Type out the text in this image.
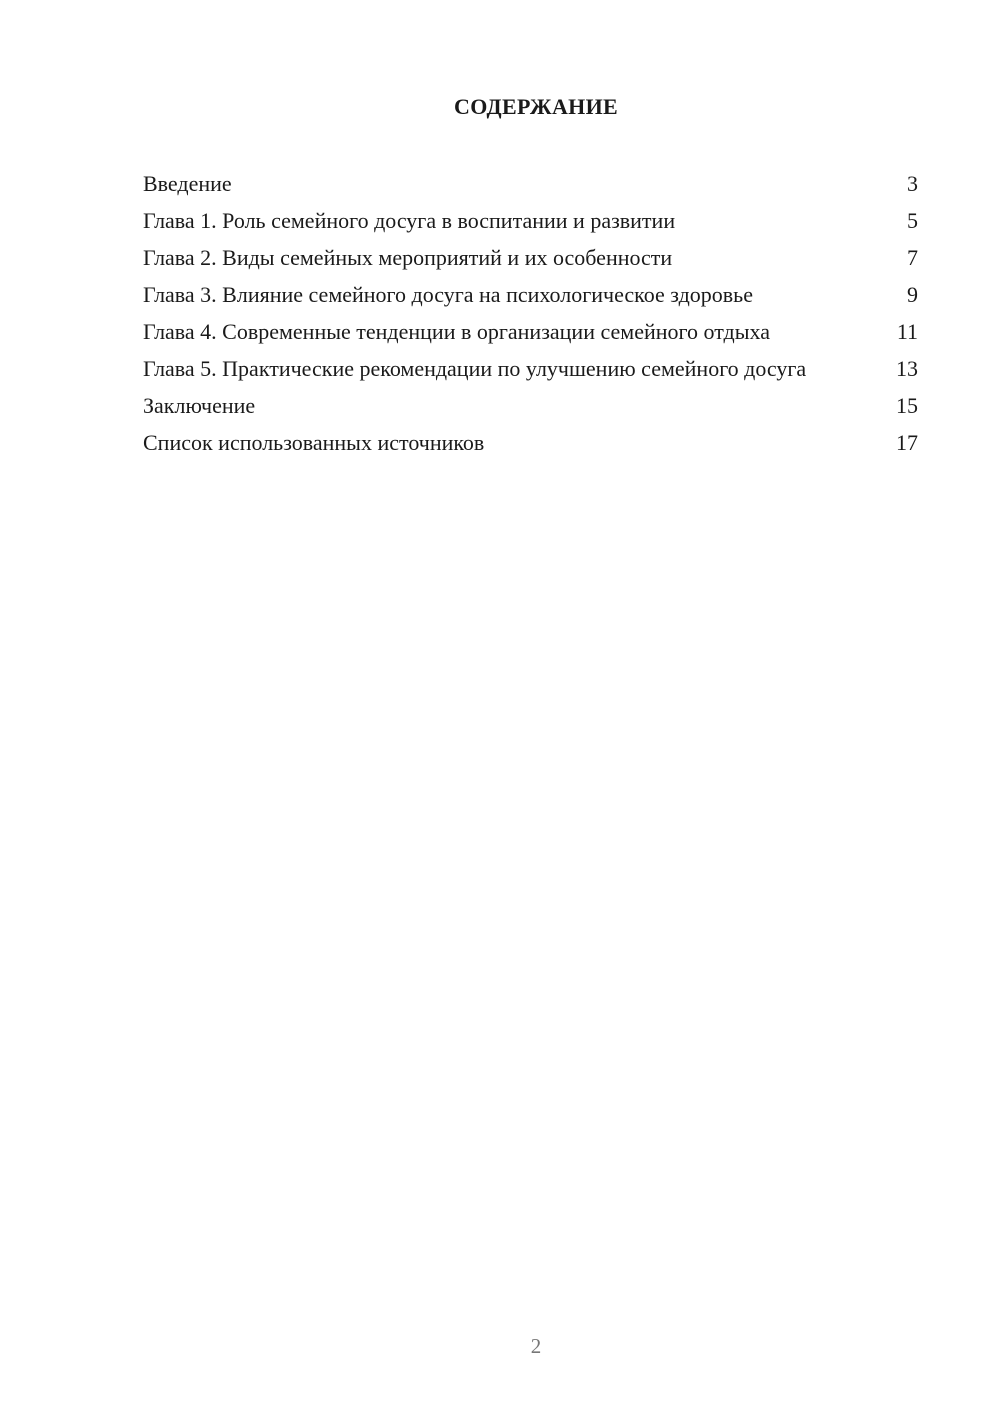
СОДЕРЖАНИЕ
Введение	3
Глава 1. Роль семейного досуга в воспитании и развитии	5
Глава 2. Виды семейных мероприятий и их особенности	7
Глава 3. Влияние семейного досуга на психологическое здоровье	9
Глава 4. Современные тенденции в организации семейного отдыха	11
Глава 5. Практические рекомендации по улучшению семейного досуга	13
Заключение	15
Список использованных источников	17
2
